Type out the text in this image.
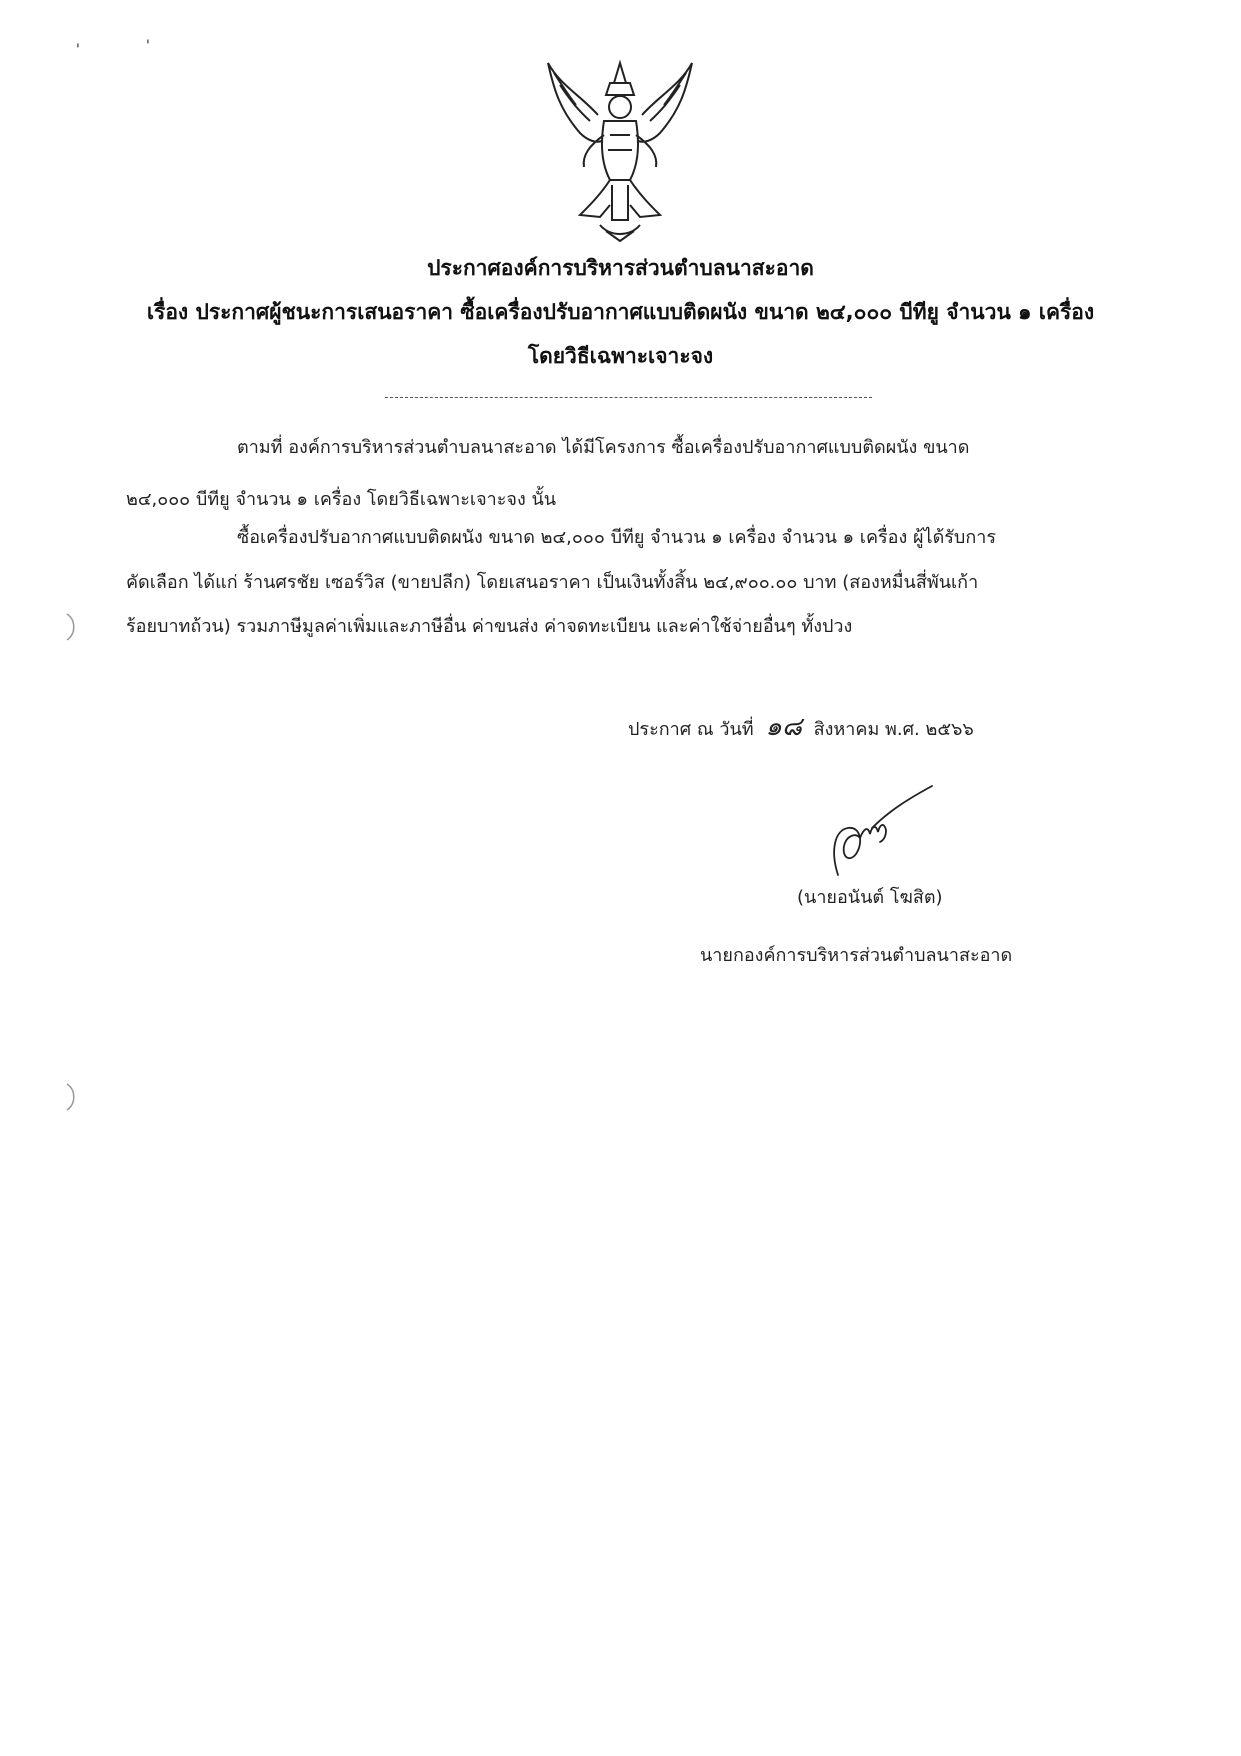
'	'
ประกาศองค์การบริหารส่วนตำบลนาสะอาด
เรื่อง ประกาศผู้ชนะการเสนอราคา ซื้อเครื่องปรับอากาศแบบติดผนัง ขนาด ๒๔,๐๐๐ บีทียู จำนวน ๑ เครื่อง
โดยวิธีเฉพาะเจาะจง
ตามที่ องค์การบริหารส่วนตำบลนาสะอาด ได้มีโครงการ ซื้อเครื่องปรับอากาศแบบติดผนัง ขนาด
๒๔,๐๐๐ บีทียู จำนวน ๑ เครื่อง โดยวิธีเฉพาะเจาะจง นั้น
ซื้อเครื่องปรับอากาศแบบติดผนัง ขนาด ๒๔,๐๐๐ บีทียู จำนวน ๑ เครื่อง จำนวน ๑ เครื่อง ผู้ได้รับการ
คัดเลือก ได้แก่ ร้านศรชัย เซอร์วิส (ขายปลีก) โดยเสนอราคา เป็นเงินทั้งสิ้น ๒๔,๙๐๐.๐๐ บาท (สองหมื่นสี่พันเก้า
ร้อยบาทถ้วน) รวมภาษีมูลค่าเพิ่มและภาษีอื่น ค่าขนส่ง ค่าจดทะเบียน และค่าใช้จ่ายอื่นๆ ทั้งปวง
ประกาศ ณ วันที่ ๑๘ สิงหาคม พ.ศ. ๒๕๖๖
(นายอนันต์ โฆสิต)
นายกองค์การบริหารส่วนตำบลนาสะอาด
